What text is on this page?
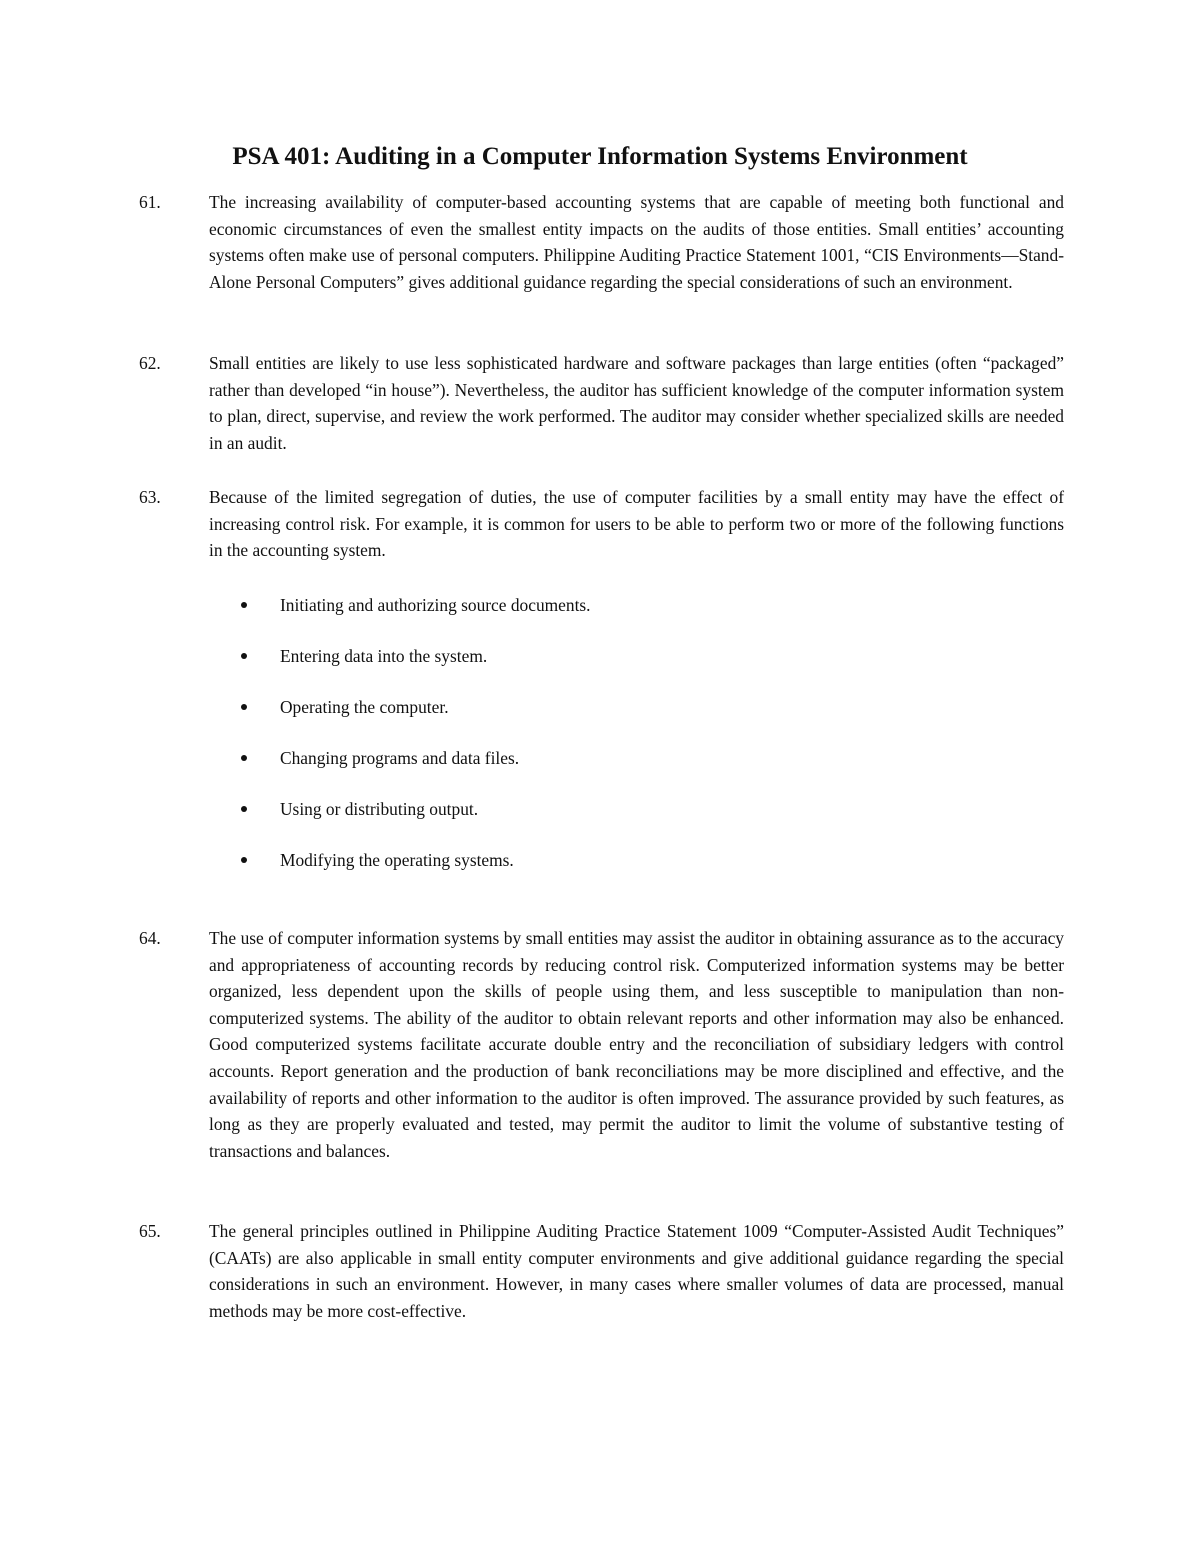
PSA 401: Auditing in a Computer Information Systems Environment
61.	The increasing availability of computer-based accounting systems that are capable of meeting both functional and economic circumstances of even the smallest entity impacts on the audits of those entities. Small entities’ accounting systems often make use of personal computers. Philippine Auditing Practice Statement 1001, “CIS Environments—Stand-Alone Personal Computers” gives additional guidance regarding the special considerations of such an environment.
62.	Small entities are likely to use less sophisticated hardware and software packages than large entities (often “packaged” rather than developed “in house”). Nevertheless, the auditor has sufficient knowledge of the computer information system to plan, direct, supervise, and review the work performed. The auditor may consider whether specialized skills are needed in an audit.
63.	Because of the limited segregation of duties, the use of computer facilities by a small entity may have the effect of increasing control risk. For example, it is common for users to be able to perform two or more of the following functions in the accounting system.
Initiating and authorizing source documents.
Entering data into the system.
Operating the computer.
Changing programs and data files.
Using or distributing output.
Modifying the operating systems.
64.	The use of computer information systems by small entities may assist the auditor in obtaining assurance as to the accuracy and appropriateness of accounting records by reducing control risk. Computerized information systems may be better organized, less dependent upon the skills of people using them, and less susceptible to manipulation than non-computerized systems. The ability of the auditor to obtain relevant reports and other information may also be enhanced. Good computerized systems facilitate accurate double entry and the reconciliation of subsidiary ledgers with control accounts. Report generation and the production of bank reconciliations may be more disciplined and effective, and the availability of reports and other information to the auditor is often improved. The assurance provided by such features, as long as they are properly evaluated and tested, may permit the auditor to limit the volume of substantive testing of transactions and balances.
65.	The general principles outlined in Philippine Auditing Practice Statement 1009 “Computer-Assisted Audit Techniques” (CAATs) are also applicable in small entity computer environments and give additional guidance regarding the special considerations in such an environment. However, in many cases where smaller volumes of data are processed, manual methods may be more cost-effective.
